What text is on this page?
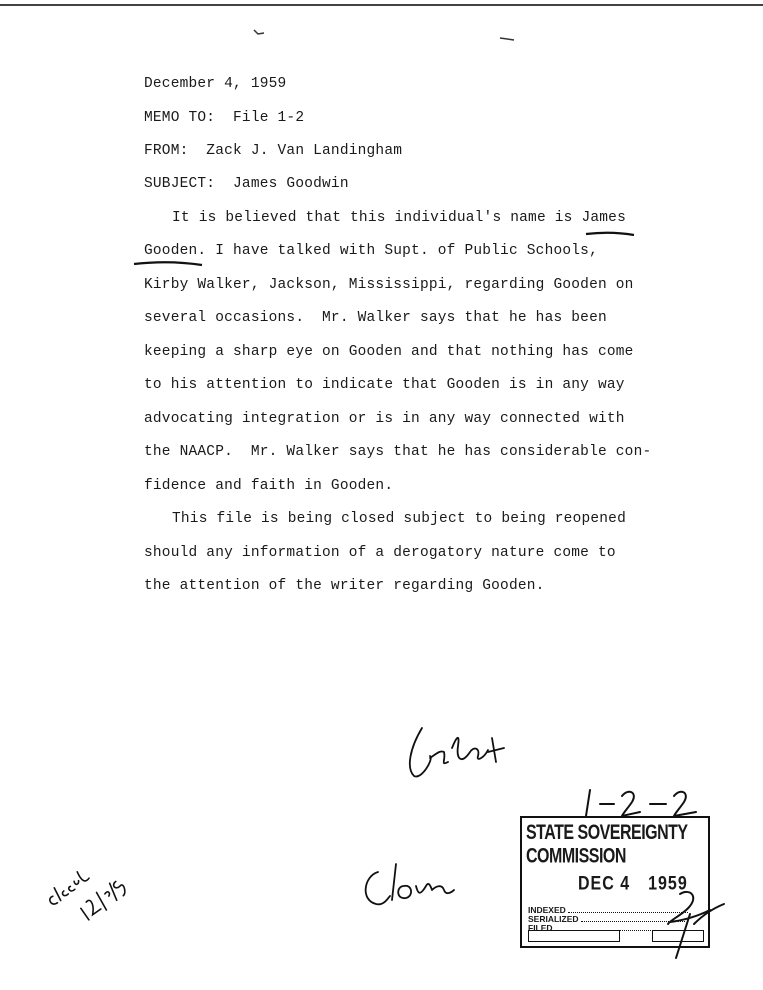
December 4, 1959
MEMO TO:  File 1-2
FROM:  Zack J. Van Landingham
SUBJECT:  James Goodwin
It is believed that this individual's name is James
Gooden. I have talked with Supt. of Public Schools,
Kirby Walker, Jackson, Mississippi, regarding Gooden on
several occasions.  Mr. Walker says that he has been
keeping a sharp eye on Gooden and that nothing has come
to his attention to indicate that Gooden is in any way
advocating integration or is in any way connected with
the NAACP.  Mr. Walker says that he has considerable con-
fidence and faith in Gooden.
This file is being closed subject to being reopened
should any information of a derogatory nature come to
the attention of the writer regarding Gooden.
STATE SOVEREIGNTY COMMISSION
DEC 4 1959
INDEXED
SERIALIZED
FILED
